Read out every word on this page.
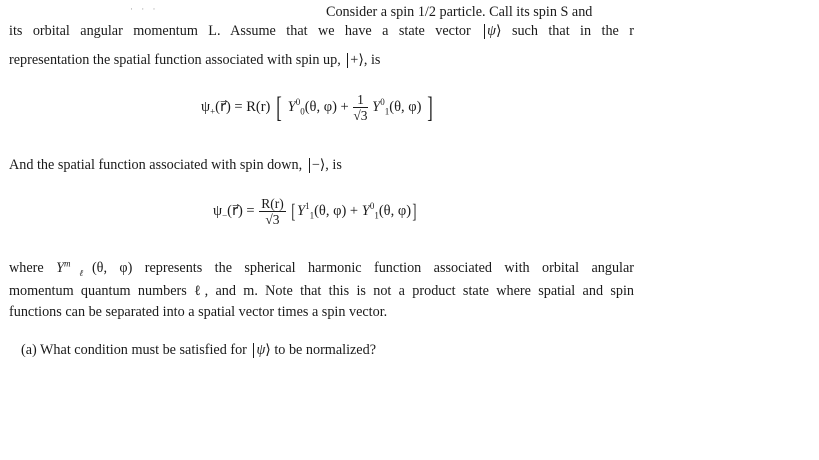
· · ·	Consider a spin 1/2 particle. Call its spin S and
its orbital angular momentum L. Assume that we have a state vector ψ⟩ such that in the r
representation the spatial function associated with spin up, +⟩, is
$\psi_+(r⃗) = R(r)$ [ $Y^0_0(\theta$, $\varphi) + \frac{1}{√3} Y^0_1(\theta$, φ) ]
And the spatial function associated with spin down, −⟩, is
$\psi_-(r⃗) = \frac{R(r)}{√3} [Y^1_1(\theta$, $\varphi) + Y^0_1(\theta$, φ)]
where $Y^m_\ell(\theta$, φ) represents the spherical harmonic function associated with orbital angular
momentum quantum numbers ℓ, and m. Note that this is not a product state where spatial and spin
functions can be separated into a spatial vector times a spin vector.
(a) What condition must be satisfied for ψ⟩ to be normalized?
